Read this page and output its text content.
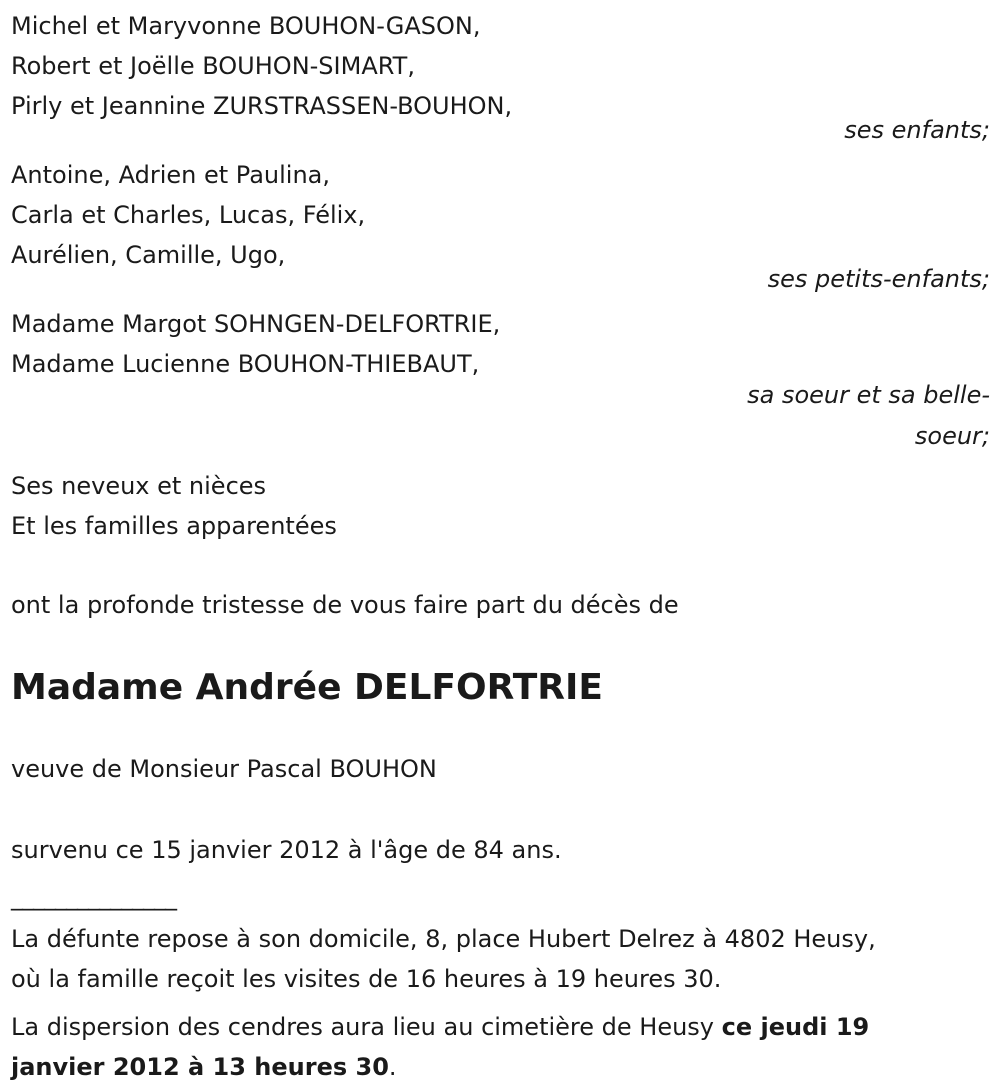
Michel et Maryvonne BOUHON-GASON,
Robert et Joëlle BOUHON-SIMART,
Pirly et Jeannine ZURSTRASSEN-BOUHON,
ses enfants;
Antoine, Adrien et Paulina,
Carla et Charles, Lucas, Félix,
Aurélien, Camille, Ugo,
ses petits-enfants;
Madame Margot SOHNGEN-DELFORTRIE,
Madame Lucienne BOUHON-THIEBAUT,
sa soeur et sa belle-
soeur;
Ses neveux et nièces
Et les familles apparentées
ont la profonde tristesse de vous faire part du décès de
Madame Andrée DELFORTRIE
veuve de Monsieur Pascal BOUHON
survenu ce 15 janvier 2012 à l'âge de 84 ans.
_______________
La défunte repose à son domicile, 8, place Hubert Delrez à 4802 Heusy,
où la famille reçoit les visites de 16 heures à 19 heures 30.

La dispersion des cendres aura lieu au cimetière de Heusy ce jeudi 19 janvier 2012 à 13 heures 30.
